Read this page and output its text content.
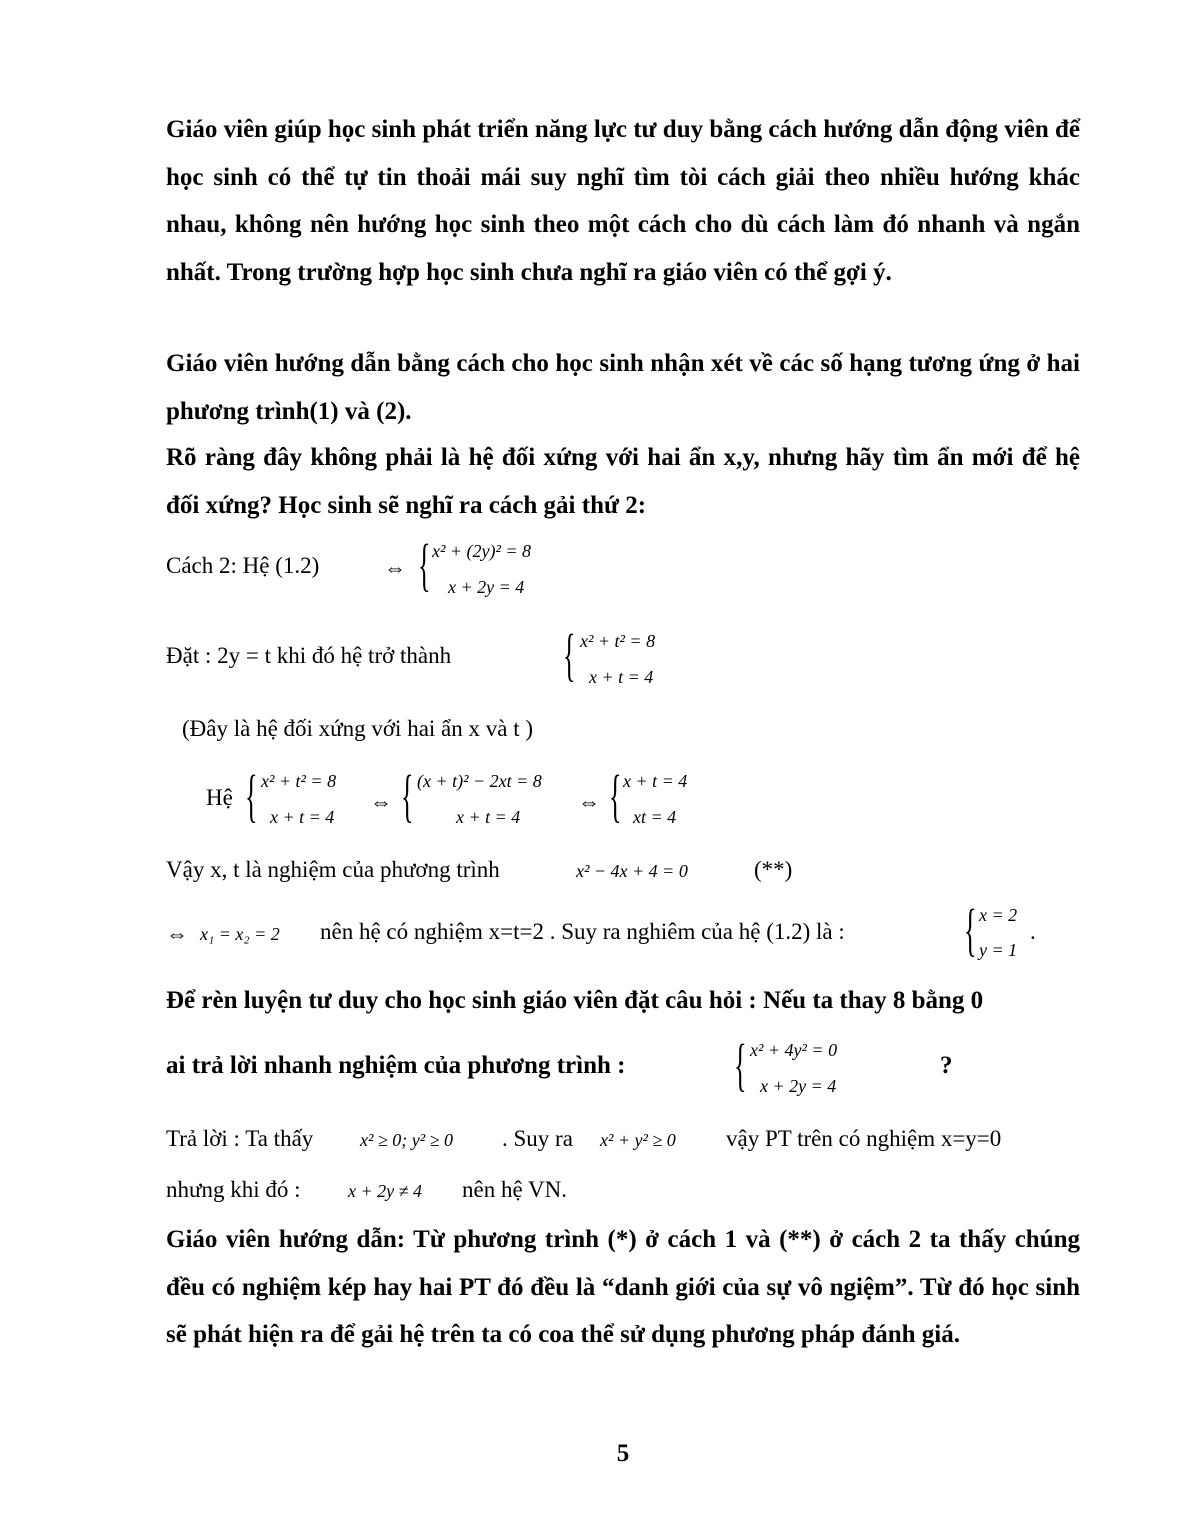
Giáo viên giúp học sinh phát triển năng lực tư duy bằng cách hướng dẫn động viên để học sinh có thể tự tin thoải mái suy nghĩ tìm tòi cách giải theo nhiều hướng khác nhau, không nên hướng học sinh theo một cách cho dù cách làm đó nhanh và ngắn nhất. Trong trường hợp học sinh chưa nghĩ ra giáo viên có thể gợi ý.
Giáo viên hướng dẫn bằng cách cho học sinh nhận xét về các số hạng tương ứng ở hai phương trình(1) và (2).
Rõ ràng đây không phải là hệ đối xứng với hai ẩn x,y, nhưng hãy tìm ẩn mới để hệ đối xứng? Học sinh sẽ nghĩ ra cách gải thứ 2:
Cách 2: Hệ (1.2)	⇔ { x² + (2y)² = 8
x + 2y = 4
Đặt : 2y = t khi đó hệ trở thành { x² + t² = 8
x + t = 4
(Đây là hệ đối xứng với hai ẩn x và t )
Hệ { x² + t² = 8
x + t = 4
⇔ { (x + t)² − 2xt = 8
x + t = 4
⇔ { x + t = 4
xt = 4
Vậy x, t là nghiệm của phương trình	x² − 4x + 4 = 0	(**)
⇔ x₁ = x₂ = 2 nên hệ có nghiệm x=t=2 . Suy ra nghiêm của hệ (1.2) là : { x = 2
y = 1
.
Để rèn luyện tư duy cho học sinh giáo viên đặt câu hỏi : Nếu ta thay 8 bằng 0
ai trả lời nhanh nghiệm của phương trình : { x² + 4y² = 0
x + 2y = 4
?
Trả lời : Ta thấy	x² ≥ 0; y² ≥ 0 . Suy ra x² + y² ≥ 0 vậy PT trên có nghiệm x=y=0
nhưng khi đó :	x + 2y ≠ 4 nên hệ VN.
Giáo viên hướng dẫn: Từ phương trình (*) ở cách 1 và (**) ở cách 2 ta thấy chúng đều có nghiệm kép hay hai PT đó đều là “danh giới của sự vô ngiệm”. Từ đó học sinh sẽ phát hiện ra để gải hệ trên ta có coa thể sử dụng phương pháp đánh giá.
5
